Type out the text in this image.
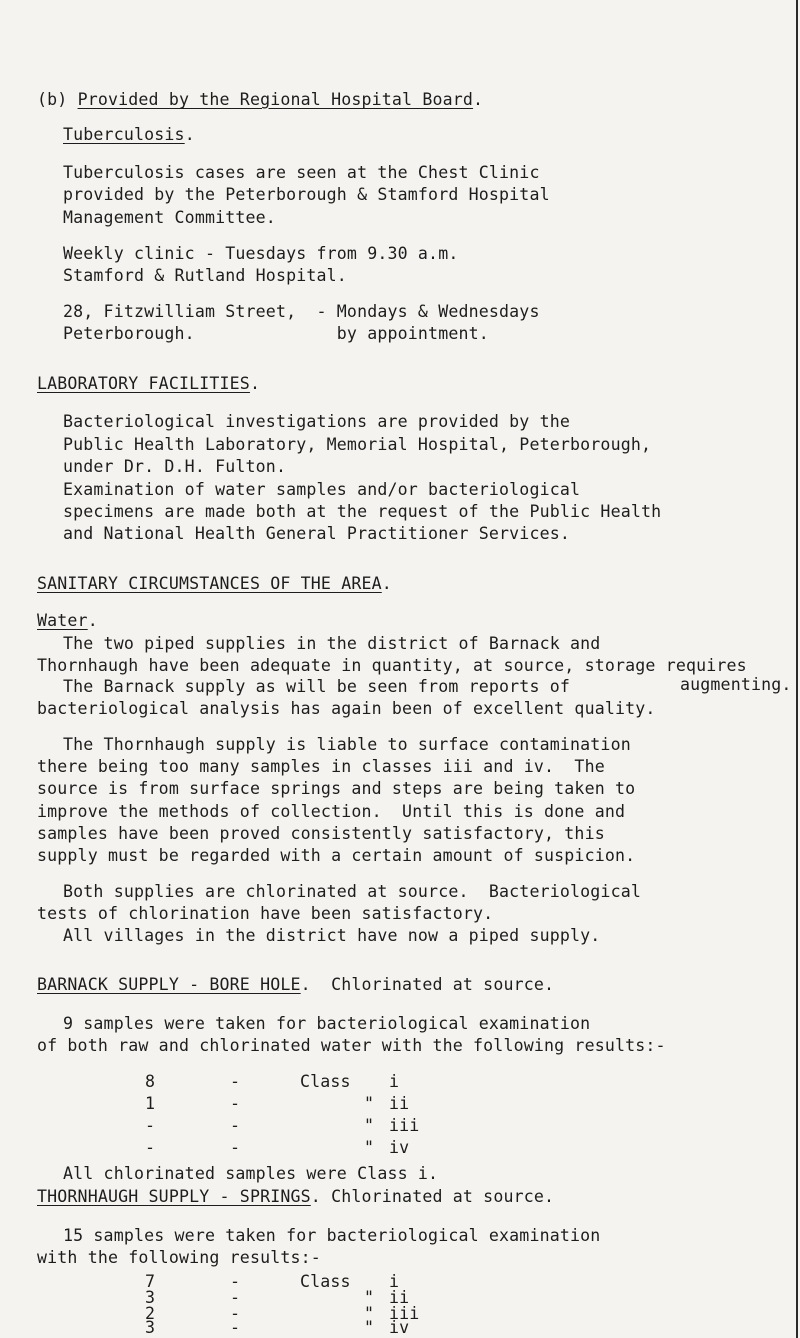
(b) Provided by the Regional Hospital Board.
Tuberculosis.
Tuberculosis cases are seen at the Chest Clinic
provided by the Peterborough & Stamford Hospital
Management Committee.
Weekly clinic - Tuesdays from 9.30 a.m.
Stamford & Rutland Hospital.
28, Fitzwilliam Street,  - Mondays & Wednesdays
Peterborough.              by appointment.
LABORATORY FACILITIES.
Bacteriological investigations are provided by the
Public Health Laboratory, Memorial Hospital, Peterborough,
under Dr. D.H. Fulton.
Examination of water samples and/or bacteriological
specimens are made both at the request of the Public Health
and National Health General Practitioner Services.
SANITARY CIRCUMSTANCES OF THE AREA.
Water.
The two piped supplies in the district of Barnack and
Thornhaugh have been adequate in quantity, at source, storage requires
The Barnack supply as will be seen from reports of	augmenting.
bacteriological analysis has again been of excellent quality.
The Thornhaugh supply is liable to surface contamination
there being too many samples in classes iii and iv.  The
source is from surface springs and steps are being taken to
improve the methods of collection.  Until this is done and
samples have been proved consistently satisfactory, this
supply must be regarded with a certain amount of suspicion.
Both supplies are chlorinated at source.  Bacteriological
tests of chlorination have been satisfactory.
All villages in the district have now a piped supply.
BARNACK SUPPLY - BORE HOLE.  Chlorinated at source.
9 samples were taken for bacteriological examination
of both raw and chlorinated water with the following results:-
8	-	Class i
1	-	" ii
-	-	" iii
-	-	" iv
All chlorinated samples were Class i.
THORNHAUGH SUPPLY - SPRINGS. Chlorinated at source.
15 samples were taken for bacteriological examination
with the following results:-
7	-	Class i
3	-	" ii
2	-	" iii
3	-	" iv
